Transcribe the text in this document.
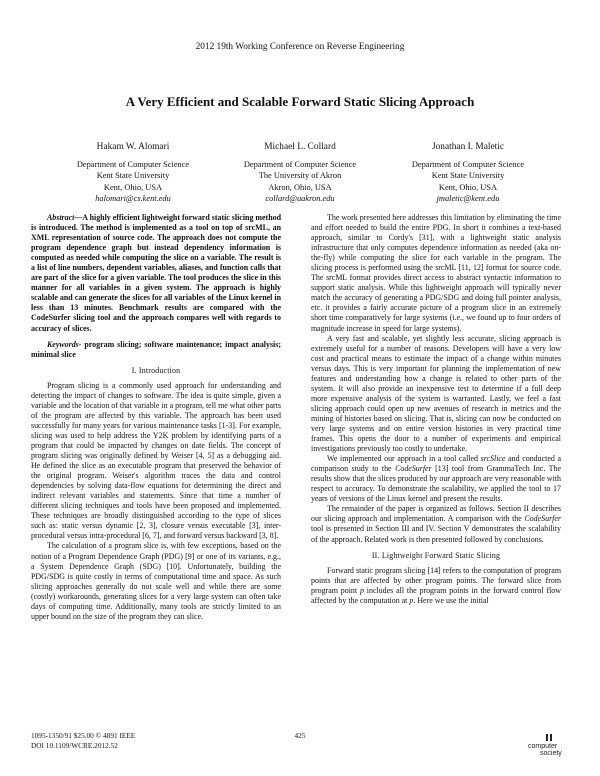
2012 19th Working Conference on Reverse Engineering
A Very Efficient and Scalable Forward Static Slicing Approach
Hakam W. Alomari
Department of Computer Science
Kent State University
Kent, Ohio, USA
halomari@cs.kent.edu
Michael L. Collard
Department of Computer Science
The University of Akron
Akron, Ohio, USA
collard@uakron.edu
Jonathan I. Maletic
Department of Computer Science
Kent State University
Kent, Ohio, USA
jmaletic@kent.edu

Abstract—A highly efficient lightweight forward static slicing method is introduced. The method is implemented as a tool on top of srcML, an XML representation of source code. The approach does not compute the program dependence graph but instead dependency information is computed as needed while computing the slice on a variable. The result is a list of line numbers, dependent variables, aliases, and function calls that are part of the slice for a given variable. The tool produces the slice in this manner for all variables in a given system. The approach is highly scalable and can generate the slices for all variables of the Linux kernel in less than 13 minutes. Benchmark results are compared with the CodeSurfer slicing tool and the approach compares well with regards to accuracy of slices.

Keywords- program slicing; software maintenance; impact analysis; minimal slice

I. Introduction

Program slicing is a commonly used approach for understanding and detecting the impact of changes to software. The idea is quite simple, given a variable and the location of that variable in a program, tell me what other parts of the program are affected by this variable. The approach has been used successfully for many years for various maintenance tasks [1-3]. For example, slicing was used to help address the Y2K problem by identifying parts of a program that could be impacted by changes on date fields. The concept of program slicing was originally defined by Weiser [4, 5] as a debugging aid. He defined the slice as an executable program that preserved the behavior of the original program. Weiser's algorithm traces the data and control dependencies by solving data-flow equations for determining the direct and indirect relevant variables and statements. Since that time a number of different slicing techniques and tools have been proposed and implemented. These techniques are broadly distinguished according to the type of slices such as: static versus dynamic [2, 3], closure versus executable [3], inter-procedural versus intra-procedural [6, 7], and forward versus backward [3, 8].

The calculation of a program slice is, with few exceptions, based on the notion of a Program Dependence Graph (PDG) [9] or one of its variants, e.g., a System Dependence Graph (SDG) [10]. Unfortunately, building the PDG/SDG is quite costly in terms of computational time and space. As such slicing approaches generally do not scale well and while there are some (costly) workarounds, generating slices for a very large system can often take days of computing time. Additionally, many tools are strictly limited to an upper bound on the size of the program they can slice.

The work presented here addresses this limitation by eliminating the time and effort needed to build the entire PDG. In short it combines a text-based approach, similar to Cordy's [31], with a lightweight static analysis infrastructure that only computes dependence information as needed (aka on-the-fly) while computing the slice for each variable in the program. The slicing process is performed using the srcML [11, 12] format for source code. The srcML format provides direct access to abstract syntactic information to support static analysis. While this lightweight approach will typically never match the accuracy of generating a PDG/SDG and doing full pointer analysis, etc. it provides a fairly accurate picture of a program slice in an extremely short time comparatively for large systems (i.e., we found up to four orders of magnitude increase in speed for large systems).

A very fast and scalable, yet slightly less accurate, slicing approach is extremely useful for a number of reasons. Developers will have a very low cost and practical means to estimate the impact of a change within minutes versus days. This is very important for planning the implementation of new features and understanding how a change is related to other parts of the system. It will also provide an inexpensive test to determine if a full deep more expensive analysis of the system is warranted. Lastly, we feel a fast slicing approach could open up new avenues of research in metrics and the mining of histories based on slicing. That is, slicing can now be conducted on very large systems and on entire version histories in very practical time frames. This opens the door to a number of experiments and empirical investigations previously too costly to undertake.

We implemented our approach in a tool called srcSlice and conducted a comparison study to the CodeSurfer [13] tool from GrammaTech Inc. The results show that the slices produced by our approach are very reasonable with respect to accuracy. To demonstrate the scalability, we applied the tool to 17 years of versions of the Linux kernel and present the results.

The remainder of the paper is organized as follows. Section II describes our slicing approach and implementation. A comparison with the CodeSurfer tool is presented in Section III and IV. Section V demonstrates the scalability of the approach. Related work is then presented followed by conclusions.

II. Lightweight Forward Static Slicing

Forward static program slicing [14] refers to the computation of program points that are affected by other program points. The forward slice from program point p includes all the program points in the forward control flow affected by the computation at p. Here we use the initial

1095-1350/91 $25.00 © 4891 IEEE
DOI 10.1109/WCRE.2012.52
425
computer
society
